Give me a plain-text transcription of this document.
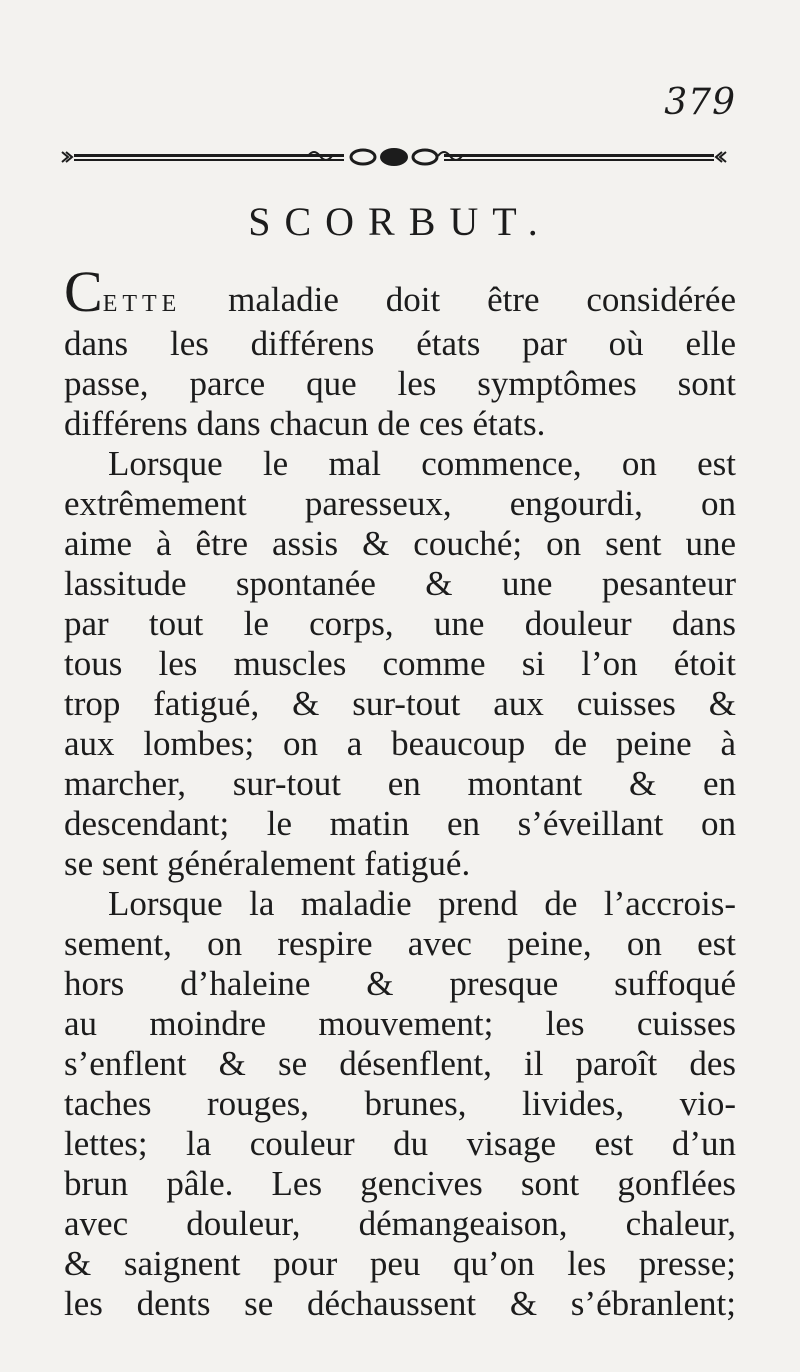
379
SCORBUT.
CETTE maladie doit être considérée
dans les différens états par où elle
passe, parce que les symptômes sont
différens dans chacun de ces états.
Lorsque le mal commence, on est
extrêmement paresseux, engourdi, on
aime à être assis & couché; on sent une
lassitude spontanée & une pesanteur
par tout le corps, une douleur dans
tous les muscles comme si l’on étoit
trop fatigué, & sur-tout aux cuisses &
aux lombes; on a beaucoup de peine à
marcher, sur-tout en montant & en
descendant; le matin en s’éveillant on
se sent généralement fatigué.
Lorsque la maladie prend de l’accrois-
sement, on respire avec peine, on est
hors d’haleine & presque suffoqué
au moindre mouvement; les cuisses
s’enflent & se désenflent, il paroît des
taches rouges, brunes, livides, vio-
lettes; la couleur du visage est d’un
brun pâle. Les gencives sont gonflées
avec douleur, démangeaison, chaleur,
& saignent pour peu qu’on les presse;
les dents se déchaussent & s’ébranlent;
